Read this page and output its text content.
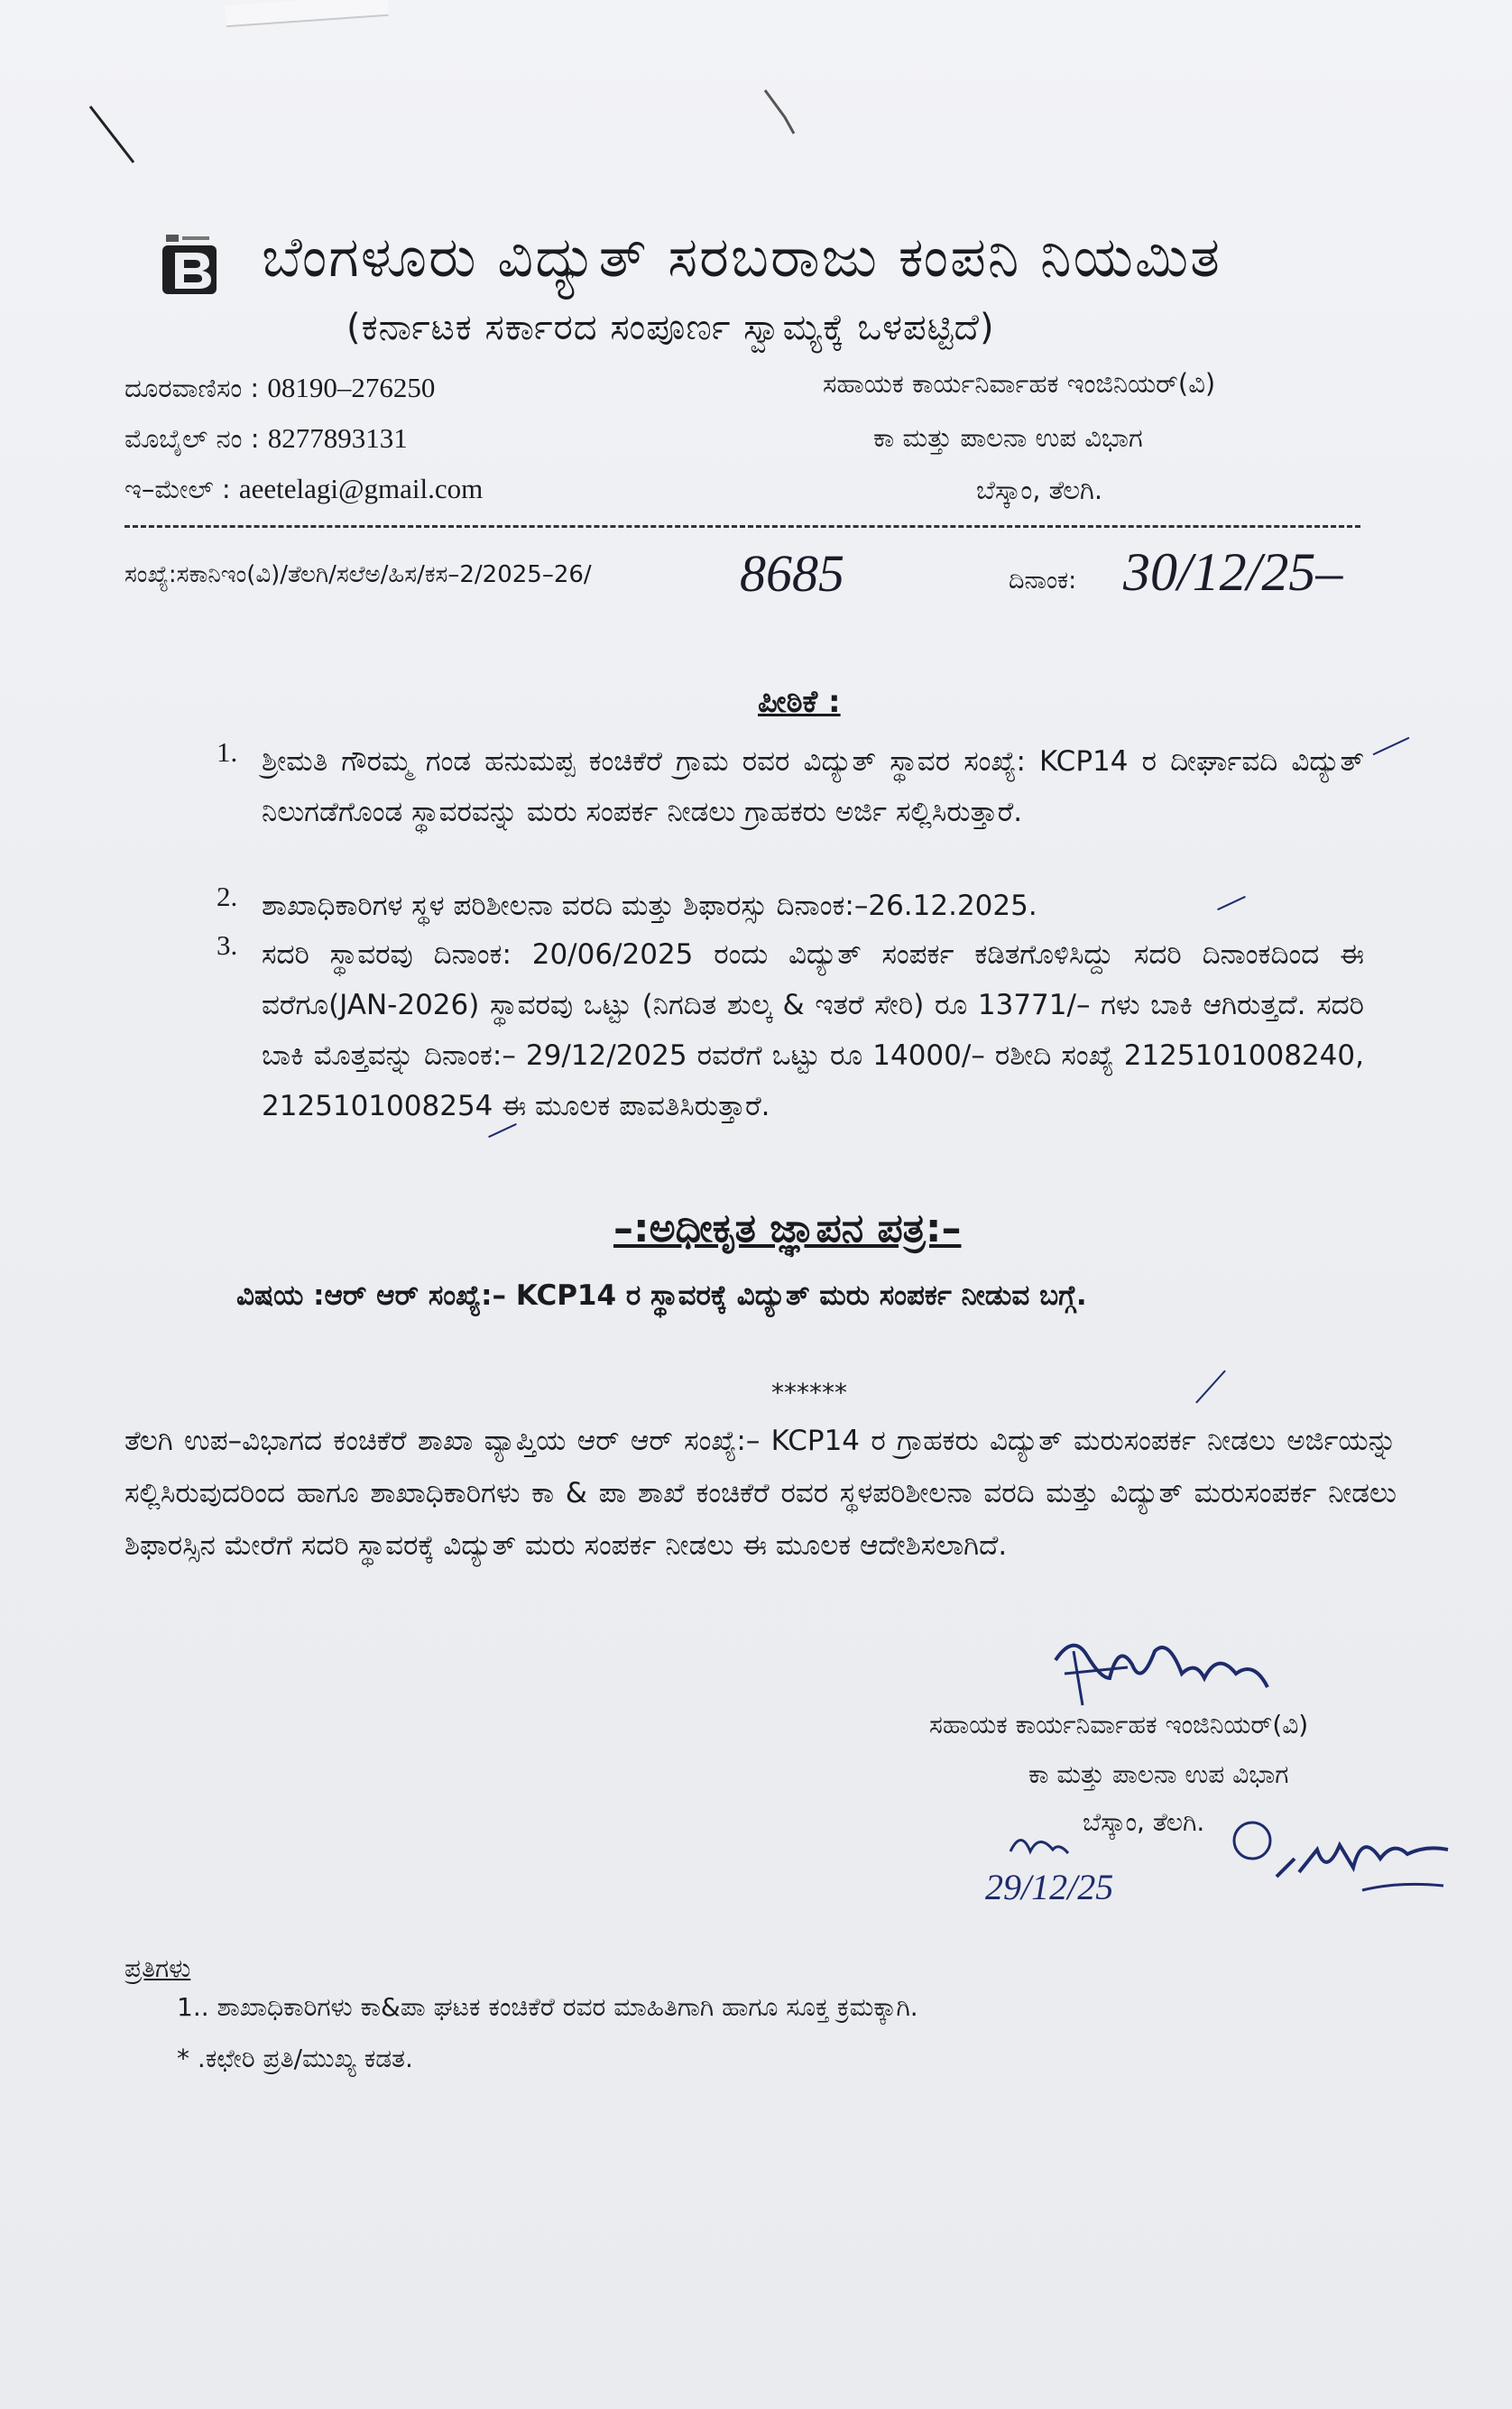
ಬೆಂಗಳೂರು ವಿದ್ಯುತ್ ಸರಬರಾಜು ಕಂಪನಿ ನಿಯಮಿತ
(ಕರ್ನಾಟಕ ಸರ್ಕಾರದ ಸಂಪೂರ್ಣ ಸ್ವಾಮ್ಯಕ್ಕೆ ಒಳಪಟ್ಟಿದೆ)
ದೂರವಾಣಿಸಂ : 08190–276250
ಮೊಬೈಲ್ ನಂ : 8277893131
ಇ–ಮೇಲ್ : aeetelagi@gmail.com
ಸಹಾಯಕ ಕಾರ್ಯನಿರ್ವಾಹಕ ಇಂಜಿನಿಯರ್(ವಿ)
ಕಾ ಮತ್ತು ಪಾಲನಾ ಉಪ ವಿಭಾಗ
ಬೆಸ್ಕಾಂ, ತೆಲಗಿ.
ಸಂಖ್ಯೆ:ಸಕಾನಿಇಂ(ವಿ)/ತೆಲಗಿ/ಸಲೆಅ/ಹಿಸ/ಕಸ–2/2025–26/	8685	ದಿನಾಂಕ: 30/12/25–
ಪೀಠಿಕೆ :
1. ಶ್ರೀಮತಿ ಗೌರಮ್ಮ ಗಂಡ ಹನುಮಪ್ಪ ಕಂಚಿಕೆರೆ ಗ್ರಾಮ ರವರ ವಿದ್ಯುತ್ ಸ್ಥಾವರ ಸಂಖ್ಯೆ: KCP14 ರ ದೀರ್ಘಾವದಿ ವಿದ್ಯುತ್ ನಿಲುಗಡೆಗೊಂಡ ಸ್ಥಾವರವನ್ನು ಮರು ಸಂಪರ್ಕ ನೀಡಲು ಗ್ರಾಹಕರು ಅರ್ಜಿ ಸಲ್ಲಿಸಿರುತ್ತಾರೆ.
2. ಶಾಖಾಧಿಕಾರಿಗಳ ಸ್ಥಳ ಪರಿಶೀಲನಾ ವರದಿ ಮತ್ತು ಶಿಫಾರಸ್ಸು ದಿನಾಂಕ:–26.12.2025.
3. ಸದರಿ ಸ್ಥಾವರವು ದಿನಾಂಕ: 20/06/2025 ರಂದು ವಿದ್ಯುತ್ ಸಂಪರ್ಕ ಕಡಿತಗೊಳಿಸಿದ್ದು ಸದರಿ ದಿನಾಂಕದಿಂದ ಈ ವರೆಗೂ(JAN-2026) ಸ್ಥಾವರವು ಒಟ್ಟು (ನಿಗದಿತ ಶುಲ್ಕ & ಇತರೆ ಸೇರಿ) ರೂ 13771/– ಗಳು ಬಾಕಿ ಆಗಿರುತ್ತದೆ. ಸದರಿ ಬಾಕಿ ಮೊತ್ತವನ್ನು ದಿನಾಂಕ:– 29/12/2025 ರವರೆಗೆ ಒಟ್ಟು ರೂ 14000/– ರಶೀದಿ ಸಂಖ್ಯೆ 2125101008240, 2125101008254 ಈ ಮೂಲಕ ಪಾವತಿಸಿರುತ್ತಾರೆ.
–:ಅಧೀಕೃತ ಜ್ಞಾಪನ ಪತ್ರ:–
ವಿಷಯ :ಆರ್ ಆರ್ ಸಂಖ್ಯೆ:– KCP14 ರ ಸ್ಥಾವರಕ್ಕೆ ವಿದ್ಯುತ್ ಮರು ಸಂಪರ್ಕ ನೀಡುವ ಬಗ್ಗೆ.
******
ತೆಲಗಿ ಉಪ–ವಿಭಾಗದ ಕಂಚಿಕೆರೆ ಶಾಖಾ ವ್ಯಾಪ್ತಿಯ ಆರ್ ಆರ್ ಸಂಖ್ಯೆ:– KCP14 ರ ಗ್ರಾಹಕರು ವಿದ್ಯುತ್ ಮರುಸಂಪರ್ಕ ನೀಡಲು ಅರ್ಜಿಯನ್ನು ಸಲ್ಲಿಸಿರುವುದರಿಂದ ಹಾಗೂ ಶಾಖಾಧಿಕಾರಿಗಳು ಕಾ & ಪಾ ಶಾಖೆ ಕಂಚಿಕೆರೆ ರವರ ಸ್ಥಳಪರಿಶೀಲನಾ ವರದಿ ಮತ್ತು ವಿದ್ಯುತ್ ಮರುಸಂಪರ್ಕ ನೀಡಲು ಶಿಫಾರಸ್ಸಿನ ಮೇರೆಗೆ ಸದರಿ ಸ್ಥಾವರಕ್ಕೆ ವಿದ್ಯುತ್ ಮರು ಸಂಪರ್ಕ ನೀಡಲು ಈ ಮೂಲಕ ಆದೇಶಿಸಲಾಗಿದೆ.
ಸಹಾಯಕ ಕಾರ್ಯನಿರ್ವಾಹಕ ಇಂಜಿನಿಯರ್(ವಿ)
ಕಾ ಮತ್ತು ಪಾಲನಾ ಉಪ ವಿಭಾಗ
ಬೆಸ್ಕಾಂ, ತೆಲಗಿ.
29/12/25
ಪ್ರತಿಗಳು
1.. ಶಾಖಾಧಿಕಾರಿಗಳು ಕಾ&ಪಾ ಘಟಕ ಕಂಚಿಕೆರೆ ರವರ ಮಾಹಿತಿಗಾಗಿ ಹಾಗೂ ಸೂಕ್ತ ಕ್ರಮಕ್ಕಾಗಿ.
* .ಕಛೇರಿ ಪ್ರತಿ/ಮುಖ್ಯ ಕಡತ.
